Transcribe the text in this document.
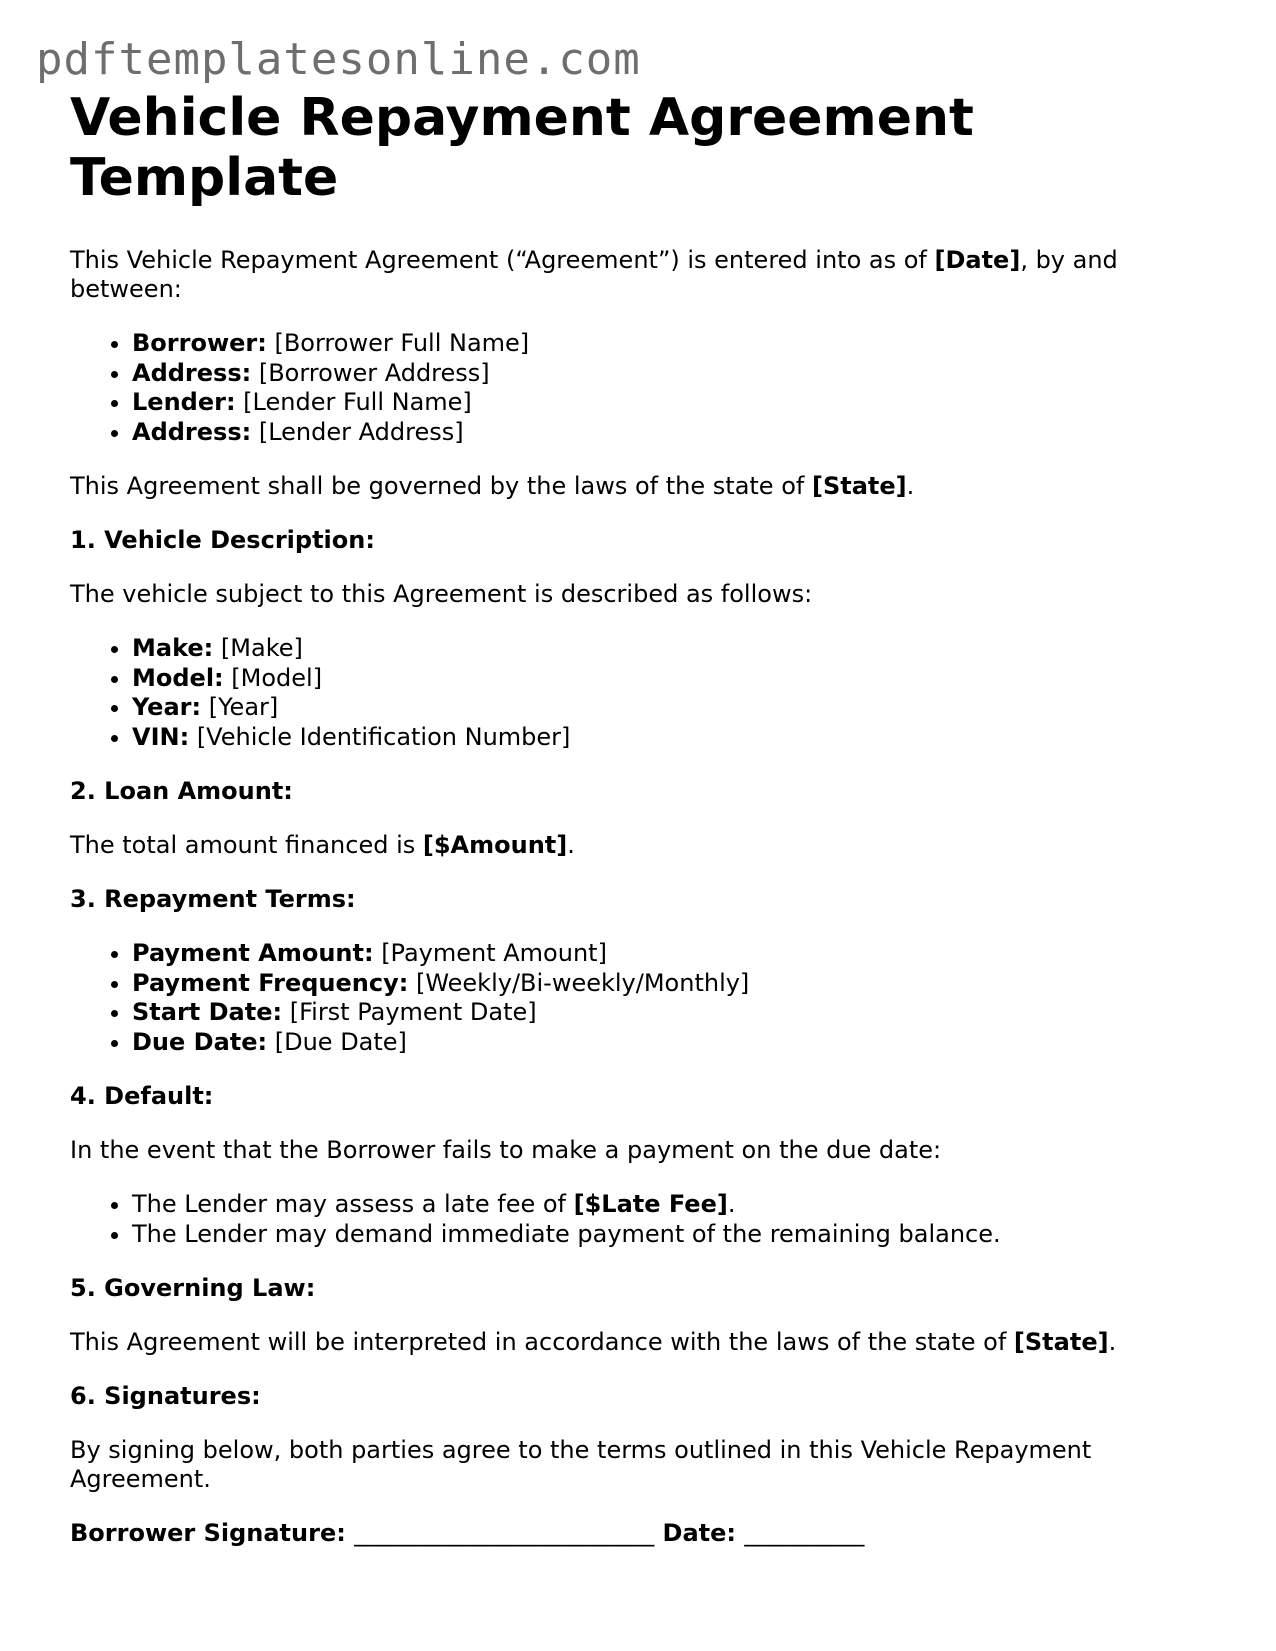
pdftemplatesonline.com
Vehicle Repayment Agreement Template

This Vehicle Repayment Agreement (“Agreement”) is entered into as of [Date], by and between:

• Borrower: [Borrower Full Name]
• Address: [Borrower Address]
• Lender: [Lender Full Name]
• Address: [Lender Address]

This Agreement shall be governed by the laws of the state of [State].

1. Vehicle Description:

The vehicle subject to this Agreement is described as follows:

• Make: [Make]
• Model: [Model]
• Year: [Year]
• VIN: [Vehicle Identification Number]
2. Loan Amount:

The total amount financed is [$Amount].

3. Repayment Terms:
• Payment Amount: [Payment Amount]
• Payment Frequency: [Weekly/Bi-weekly/Monthly]
• Start Date: [First Payment Date]
• Due Date: [Due Date]
4. Default:

In the event that the Borrower fails to make a payment on the due date:

• The Lender may assess a late fee of [$Late Fee].
• The Lender may demand immediate payment of the remaining balance.
5. Governing Law:

This Agreement will be interpreted in accordance with the laws of the state of [State].

6. Signatures:

By signing below, both parties agree to the terms outlined in this Vehicle Repayment Agreement.

Borrower Signature: _________________________ Date: __________
